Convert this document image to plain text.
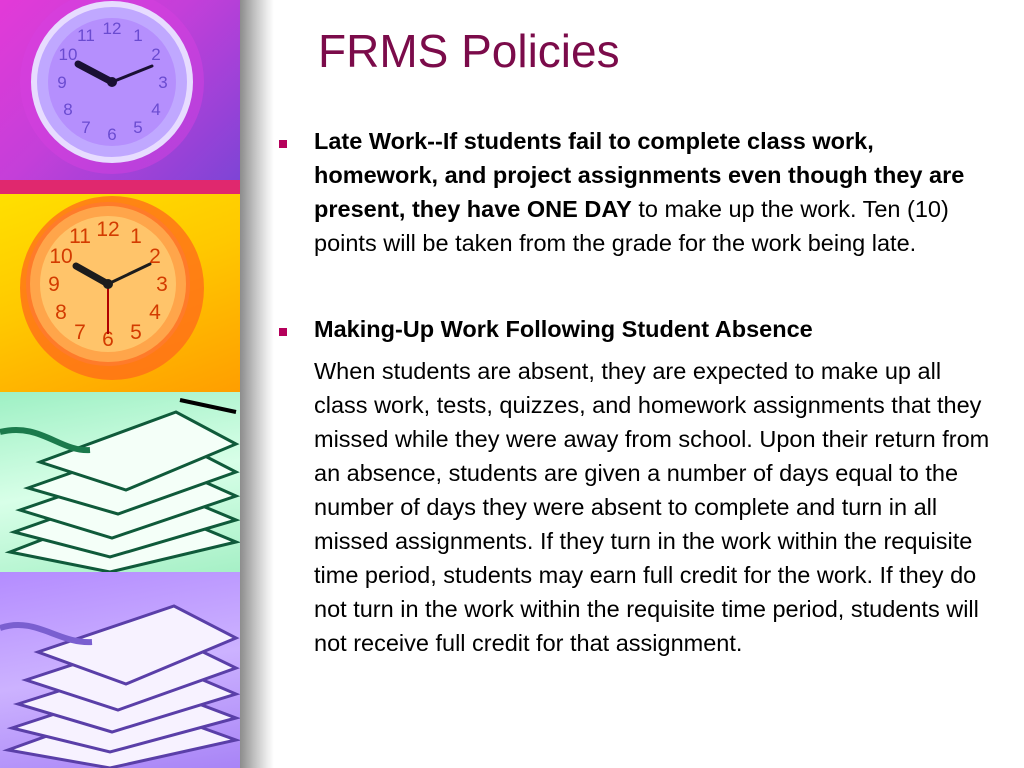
12 1
2
3
4
5
6
7
8
9
10
11
12 1
2
3
4
5
6
7
8
9
10
11
FRMS Policies

Late Work--If students fail to complete class work, homework, and project assignments even though they are present, they have ONE DAY to make up the work. Ten (10) points will be taken from the grade for the work being late.

Making-Up Work Following Student Absence

When students are absent, they are expected to make up all class work, tests, quizzes, and homework assignments that they missed while they were away from school. Upon their return from an absence, students are given a number of days equal to the number of days they were absent to complete and turn in all missed assignments. If they turn in the work within the requisite time period, students may earn full credit for the work. If they do not turn in the work within the requisite time period, students will not receive full credit for that assignment.
